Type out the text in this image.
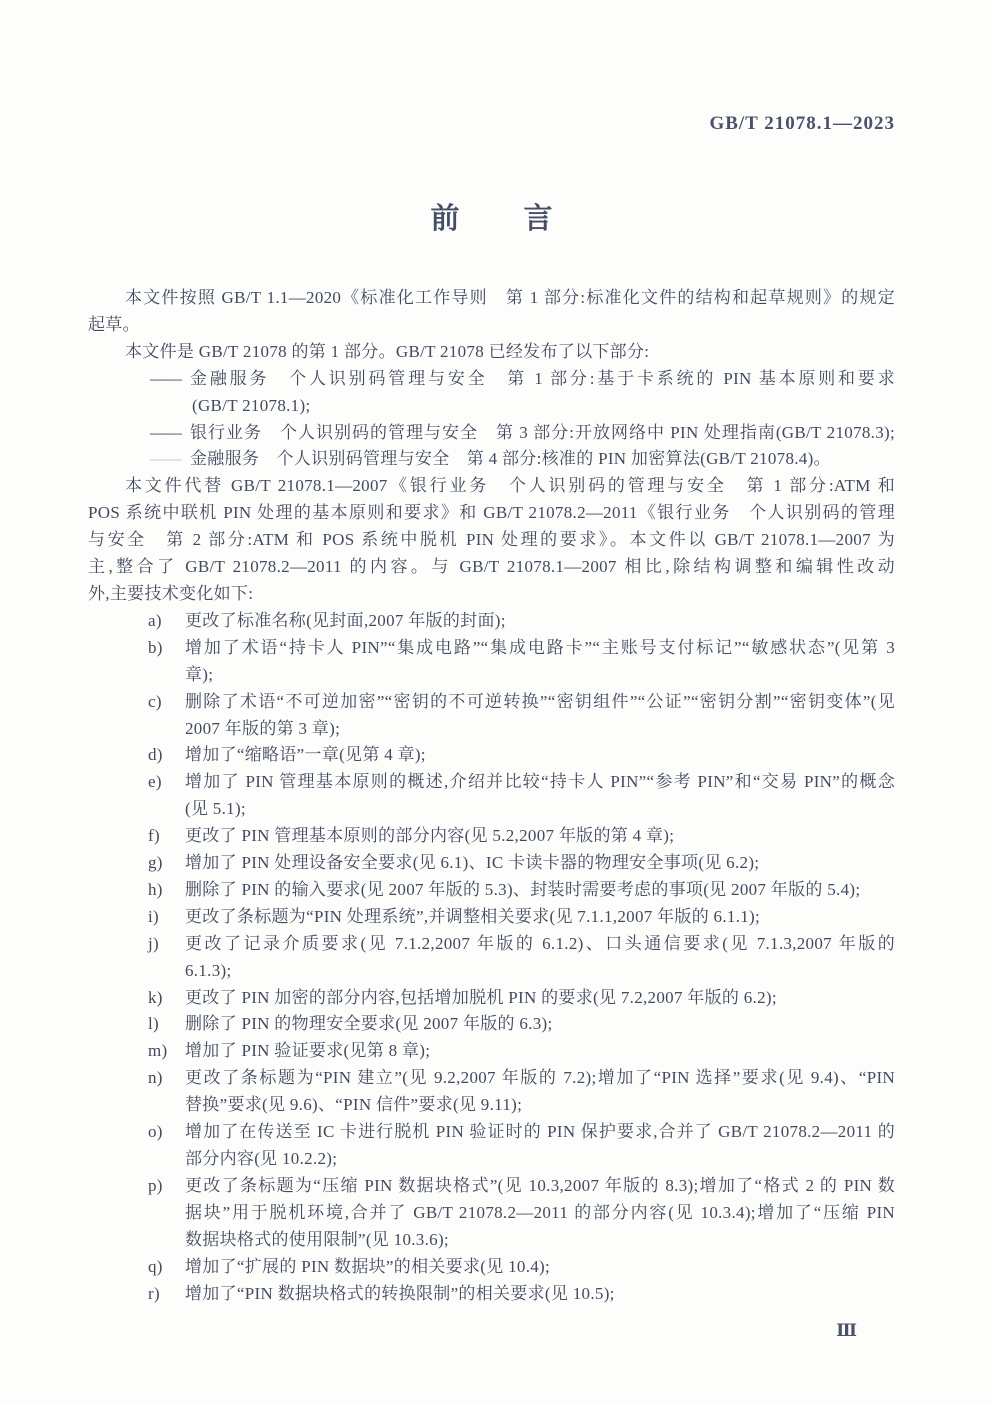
GB/T 21078.1—2023
前言

本文件按照 GB/T 1.1—2020《标准化工作导则　第 1 部分:标准化文件的结构和起草规则》的规定

起草。

本文件是 GB/T 21078 的第 1 部分。GB/T 21078 已经发布了以下部分:

—— 金融服务　个人识别码管理与安全　第 1 部分:基于卡系统的 PIN 基本原则和要求

(GB/T 21078.1);

—— 银行业务　个人识别码的管理与安全　第 3 部分:开放网络中 PIN 处理指南(GB/T 21078.3);

—— 金融服务　个人识别码管理与安全　第 4 部分:核准的 PIN 加密算法(GB/T 21078.4)。

本文件代替 GB/T 21078.1—2007《银行业务　个人识别码的管理与安全　第 1 部分:ATM 和

POS 系统中联机 PIN 处理的基本原则和要求》和 GB/T 21078.2—2011《银行业务　个人识别码的管理

与安全　第 2 部分:ATM 和 POS 系统中脱机 PIN 处理的要求》。本文件以 GB/T 21078.1—2007 为

主,整合了 GB/T 21078.2—2011 的内容。与 GB/T 21078.1—2007 相比,除结构调整和编辑性改动

外,主要技术变化如下:

a) 更改了标准名称(见封面,2007 年版的封面);

b) 增加了术语“持卡人 PIN”“集成电路”“集成电路卡”“主账号支付标记”“敏感状态”(见第 3

章);

c) 删除了术语“不可逆加密”“密钥的不可逆转换”“密钥组件”“公证”“密钥分割”“密钥变体”(见

2007 年版的第 3 章);

d) 增加了“缩略语”一章(见第 4 章);

e) 增加了 PIN 管理基本原则的概述,介绍并比较“持卡人 PIN”“参考 PIN”和“交易 PIN”的概念

(见 5.1);

f) 更改了 PIN 管理基本原则的部分内容(见 5.2,2007 年版的第 4 章);

g) 增加了 PIN 处理设备安全要求(见 6.1)、IC 卡读卡器的物理安全事项(见 6.2);

h) 删除了 PIN 的输入要求(见 2007 年版的 5.3)、封装时需要考虑的事项(见 2007 年版的 5.4);

i) 更改了条标题为“PIN 处理系统”,并调整相关要求(见 7.1.1,2007 年版的 6.1.1);

j) 更改了记录介质要求(见 7.1.2,2007 年版的 6.1.2)、口头通信要求(见 7.1.3,2007 年版的

6.1.3);

k) 更改了 PIN 加密的部分内容,包括增加脱机 PIN 的要求(见 7.2,2007 年版的 6.2);

l) 删除了 PIN 的物理安全要求(见 2007 年版的 6.3);

m) 增加了 PIN 验证要求(见第 8 章);

n) 更改了条标题为“PIN 建立”(见 9.2,2007 年版的 7.2);增加了“PIN 选择”要求(见 9.4)、“PIN

替换”要求(见 9.6)、“PIN 信件”要求(见 9.11);

o) 增加了在传送至 IC 卡进行脱机 PIN 验证时的 PIN 保护要求,合并了 GB/T 21078.2—2011 的

部分内容(见 10.2.2);

p) 更改了条标题为“压缩 PIN 数据块格式”(见 10.3,2007 年版的 8.3);增加了“格式 2 的 PIN 数

据块”用于脱机环境,合并了 GB/T 21078.2—2011 的部分内容(见 10.3.4);增加了“压缩 PIN

数据块格式的使用限制”(见 10.3.6);

q) 增加了“扩展的 PIN 数据块”的相关要求(见 10.4);

r) 增加了“PIN 数据块格式的转换限制”的相关要求(见 10.5);

Ⅲ
